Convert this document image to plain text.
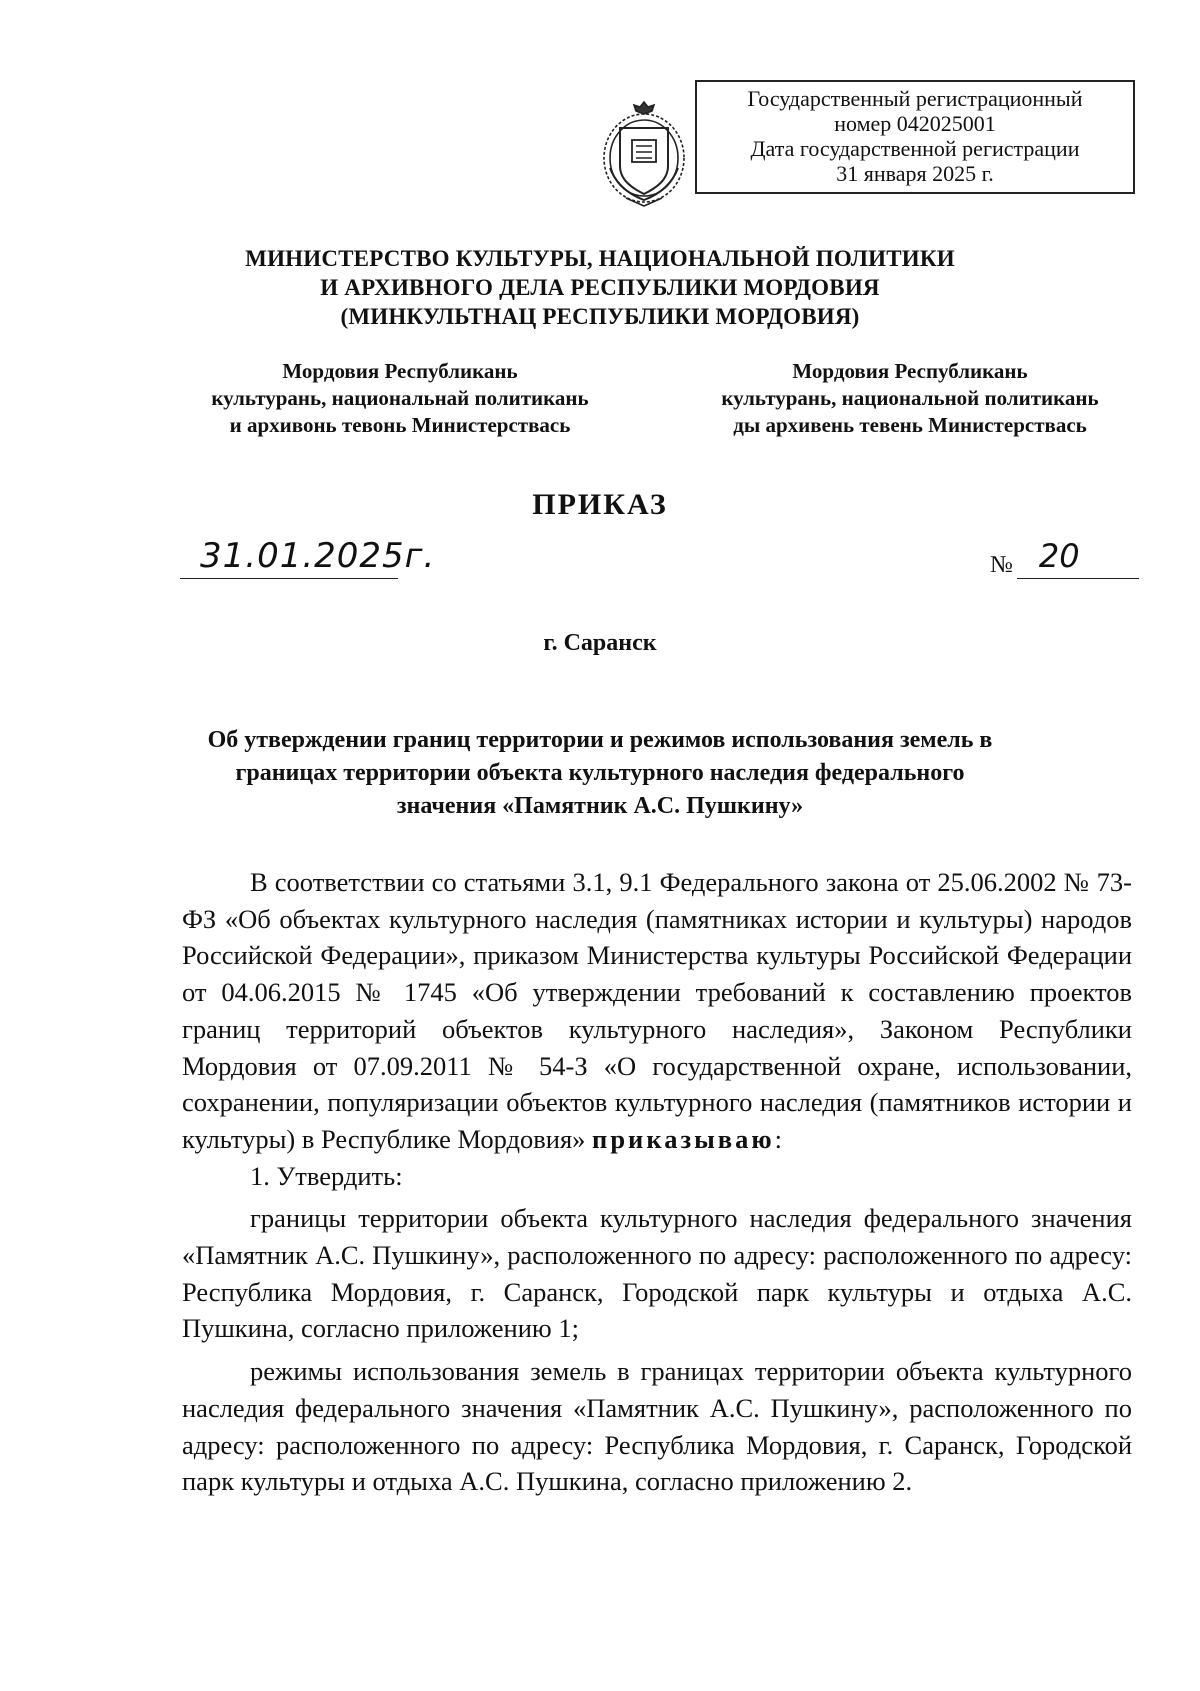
Государственный регистрационный
номер 042025001
Дата государственной регистрации
31 января 2025 г.
МИНИСТЕРСТВО КУЛЬТУРЫ, НАЦИОНАЛЬНОЙ ПОЛИТИКИ
И АРХИВНОГО ДЕЛА РЕСПУБЛИКИ МОРДОВИЯ
(МИНКУЛЬТНАЦ РЕСПУБЛИКИ МОРДОВИЯ)
Мордовия Республикань
культурань, национальнай политикань
и архивонь тевонь Министерствась
Мордовия Республикань
культурань, национальной политикань
ды архивень тевень Министерствась
ПРИКАЗ
31.01.2025г.	№ 20
г. Саранск
Об утверждении границ территории и режимов использования земель в
границах территории объекта культурного наследия федерального
значения «Памятник А.С. Пушкину»

В соответствии со статьями 3.1, 9.1 Федерального закона от 25.06.2002 № 73-ФЗ «Об объектах культурного наследия (памятниках истории и культуры) народов Российской Федерации», приказом Министерства культуры Российской Федерации от 04.06.2015 № 1745 «Об утверждении требований к составлению проектов границ территорий объектов культурного наследия», Законом Республики Мордовия от 07.09.2011 № 54-З «О государственной охране, использовании, сохранении, популяризации объектов культурного наследия (памятников истории и культуры) в Республике Мордовия» приказываю:

1. Утвердить:

границы территории объекта культурного наследия федерального значения «Памятник А.С. Пушкину», расположенного по адресу: расположенного по адресу: Республика Мордовия, г. Саранск, Городской парк культуры и отдыха А.С. Пушкина, согласно приложению 1;

режимы использования земель в границах территории объекта культурного наследия федерального значения «Памятник А.С. Пушкину», расположенного по адресу: расположенного по адресу: Республика Мордовия, г. Саранск, Городской парк культуры и отдыха А.С. Пушкина, согласно приложению 2.
